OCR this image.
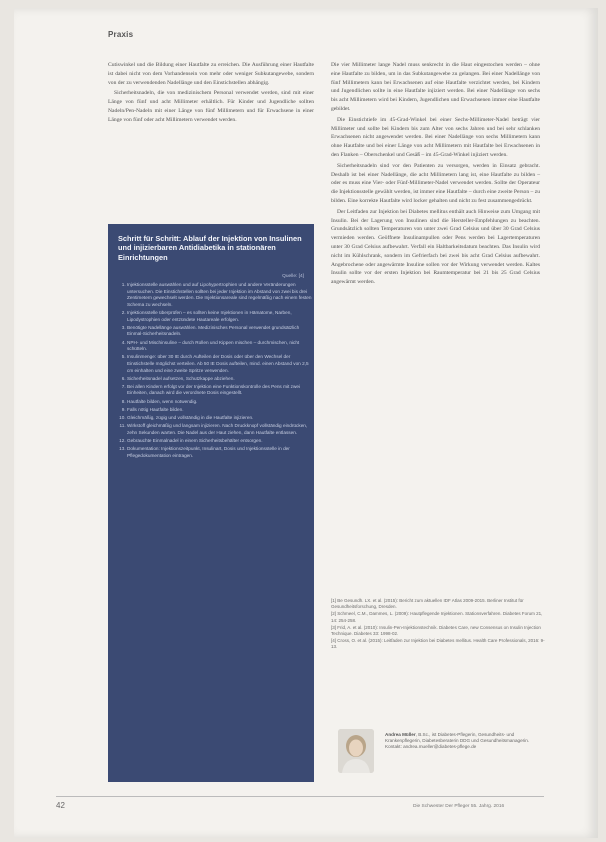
Praxis

Cutiswinkel und die Bildung einer Hautfalte zu erreichen. Die Ausführung einer Hautfalte ist dabei nicht von dem Vorhandensein von mehr oder weniger Subkutangewebe, sondern von der zu verwendenden Nadellänge und den Einstichstellen abhängig.

Sicherheitsnadeln, die von medizinischem Personal verwendet werden, sind mit einer Länge von fünf und acht Millimeter erhältlich. Für Kinder und Jugendliche sollten Nadeln/Pen-Nadeln mit einer Länge von fünf Millimetern und für Erwachsene in einer Länge von fünf oder acht Millimetern verwendet werden.

Schritt für Schritt: Ablauf der Injektion von Insulinen und injizierbaren Antidiabetika in stationären Einrichtungen
Quelle: [4]
1. Injektionsstelle auswählen und auf Lipohypertrophien und andere Veränderungen untersuchen. Die Einstichstellen sollten bei jeder Injektion im Abstand von zwei bis drei Zentimetern gewechselt werden. Die Injektionsareale sind regelmäßig nach einem festen Schema zu wechseln.
2. Injektionsstelle überprüfen – es sollten keine Injektionen in Hämatome, Narben, Lipodystrophien oder entzündete Hautareale erfolgen.
3. Benötigte Nadellänge auswählen. Medizinisches Personal verwendet grundsätzlich Einmal-Sicherheitsnadeln.
4. NPH- und Mischinsuline – durch Rollen und Kippen mischen – durchmischen, nicht schütteln.
5. Insulinmenge: über 30 IE durch Aufteilen der Dosis oder über den Wechsel der Einstichstelle möglichst verteilen. Ab 50 IE Dosis aufteilen, mind. einen Abstand von 2,5 cm einhalten und eine zweite Spritze verwenden.
6. Sicherheitsnadel aufsetzen, Schutzkappe abziehen.
7. Bei allen Kindern erfolgt vor der Injektion eine Funktionskontrolle des Pens mit zwei Einheiten, danach wird die verordnete Dosis eingestellt.
8. Hautfalte bilden, wenn notwendig.
9. Falls nötig Hautfalte bilden.
10. Gleichmäßig, zügig und vollständig in die Hautfalte injizieren.
11. Wirkstoff gleichmäßig und langsam injizieren. Nach Druckknopf vollständig eindrücken, zehn Sekunden warten. Die Nadel aus der Haut ziehen, dann Hautfalte entlassen.
12. Gebrauchte Einmalnadel in einem Sicherheitsbehälter entsorgen.
13. Dokumentation: Injektionszeitpunkt, Insulinart, Dosis und Injektionsstelle in der Pflegedokumentation eintragen.

Die vier Millimeter lange Nadel muss senkrecht in die Haut eingestochen werden – ohne eine Hautfalte zu bilden, um in das Subkutangewebe zu gelangen. Bei einer Nadellänge von fünf Millimetern kann bei Erwachsenen auf eine Hautfalte verzichtet werden, bei Kindern und Jugendlichen sollte in eine Hautfalte injiziert werden. Bei einer Nadellänge von sechs bis acht Millimetern wird bei Kindern, Jugendlichen und Erwachsenen immer eine Hautfalte gebildet.

Die Einstichtiefe im 45-Grad-Winkel bei einer Sechs-Millimeter-Nadel beträgt vier Millimeter und sollte bei Kindern bis zum Alter von sechs Jahren und bei sehr schlanken Erwachsenen nicht angewendet werden. Bei einer Nadellänge von sechs Millimetern kann ohne Hautfalte und bei einer Länge von acht Millimetern mit Hautfalte bei Erwachsenen in den Flanken – Oberschenkel und Gesäß – im 45-Grad-Winkel injiziert werden.

Sicherheitsnadeln sind vor den Patienten zu versorgen, werden in Einsatz gebracht. Deshalb ist bei einer Nadellänge, die acht Millimetern lang ist, eine Hautfalte zu bilden – oder es muss eine Vier- oder Fünf-Millimeter-Nadel verwendet werden. Sollte der Operateur die Injektionsstelle gewählt werden, ist immer eine Hautfalte – durch eine zweite Person – zu bilden. Eine korrekte Hautfalte wird locker gehalten und nicht zu fest zusammengedrückt.

Der Leitfaden zur Injektion bei Diabetes mellitus enthält auch Hinweise zum Umgang mit Insulin. Bei der Lagerung von Insulinen sind die Hersteller-Empfehlungen zu beachten. Grundsätzlich sollten Temperaturen von unter zwei Grad Celsius und über 30 Grad Celsius vermieden werden. Geöffnete Insulinampullen oder Pens werden bei Lagertemperaturen unter 30 Grad Celsius aufbewahrt. Verfall ein Haltbarkeitsdatum beachten. Das Insulin wird nicht im Kühlschrank, sondern im Gefrierfach bei zwei bis acht Grad Celsius aufbewahrt. Angebrochene oder angewärmte Insuline sollen vor der Wirkung verwendet werden. Kaltes Insulin sollte vor der ersten Injektion bei Raumtemperatur bei 21 bis 25 Grad Celsius angewärmt werden.

[1] Be Gesundh. LX. et al. (2015): Bericht zum aktuellen IDF Atlas 2009-2015. Berliner Institut für Gesundheitsforschung, Dresden.
[2] Schmeel, C.M., Dammes, L. (2009): Hautpflegende Injektionen. Stationsverfahren. Diabetes Forum 21, 14: 254-258.
[3] Frid, A. et al. (2010): Insulin-Pen-Injektionstechnik. Diabetes Care, new Consensus on Insulin Injection Technique. Diabetes 33: 1998-02.
[4] Cross, O. et al. (2015): Leitfaden zur Injektion bei Diabetes mellitus. Health Care Professionals, 2016: 9-13.
Andrea Müller, B.Sc., ist Diabetes-Pflegerin, Gesundheits- und Krankenpflegerin, Diabetesberaterin DDG und Gesundheitsmanagerin. Kontakt: andrea.mueller@diabetes-pflege.de
42	Die Schwester Der Pfleger 55. Jahrg. 2016
